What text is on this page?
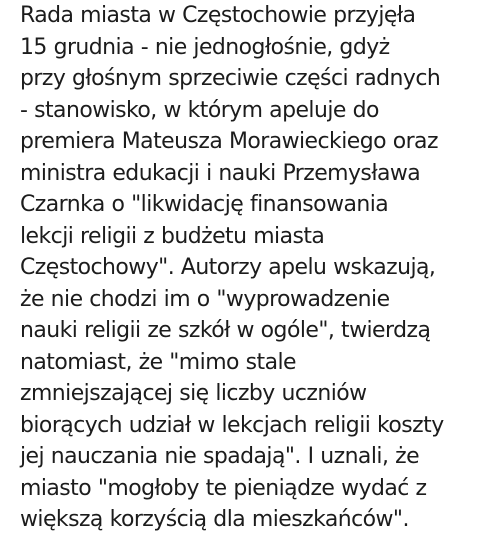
Rada miasta w Częstochowie przyjęła
15 grudnia - nie jednogłośnie, gdyż
przy głośnym sprzeciwie części radnych
- stanowisko, w którym apeluje do
premiera Mateusza Morawieckiego oraz
ministra edukacji i nauki Przemysława
Czarnka o "likwidację finansowania
lekcji religii z budżetu miasta
Częstochowy". Autorzy apelu wskazują,
że nie chodzi im o "wyprowadzenie
nauki religii ze szkół w ogóle", twierdzą
natomiast, że "mimo stale
zmniejszającej się liczby uczniów
biorących udział w lekcjach religii koszty
jej nauczania nie spadają". I uznali, że
miasto "mogłoby te pieniądze wydać z
większą korzyścią dla mieszkańców".
